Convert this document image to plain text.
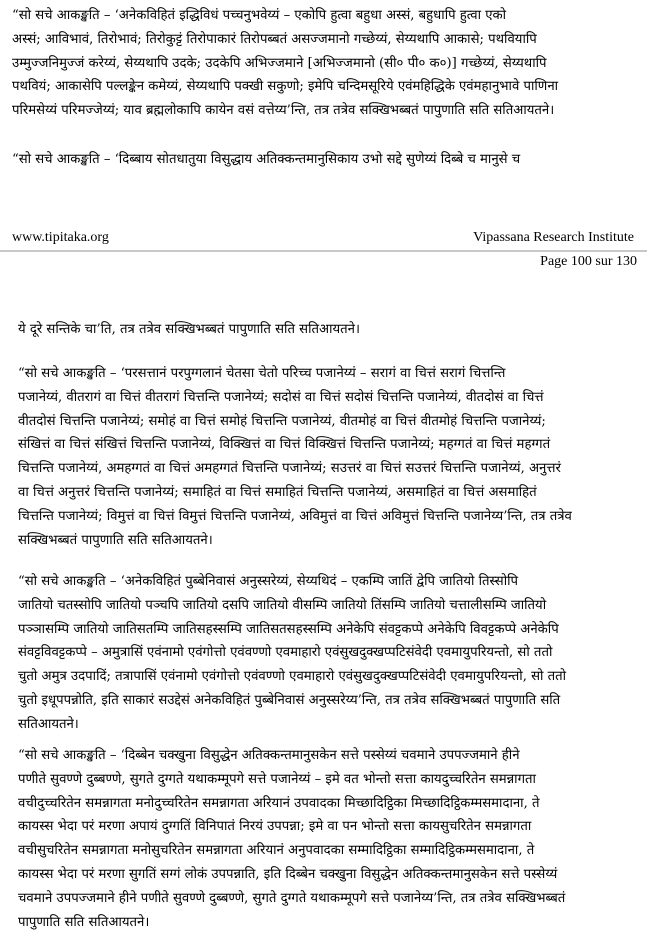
“सो सचे आकङ्खति – ‘अनेकविहितं इद्धिविधं पच्चनुभवेय्यं – एकोपि हुत्वा बहुधा अस्सं, बहुधापि हुत्वा एको
अस्सं; आविभावं, तिरोभावं; तिरोकुट्टं तिरोपाकारं तिरोपब्बतं असज्जमानो गच्छेय्यं, सेय्यथापि आकासे; पथवियापि
उम्मुज्जनिमुज्जं करेय्यं, सेय्यथापि उदके; उदकेपि अभिज्जमाने [अभिज्जमानो (सी० पी० क०)] गच्छेय्यं, सेय्यथापि
पथवियं; आकासेपि पल्लङ्केन कमेय्यं, सेय्यथापि पक्खी सकुणो; इमेपि चन्दिमसूरिये एवंमहिद्धिके एवंमहानुभावे पाणिना
परिमसेय्यं परिमज्जेय्यं; याव ब्रह्मलोकापि कायेन वसं वत्तेय्य’न्ति, तत्र तत्रेव सक्खिभब्बतं पापुणाति सति सतिआयतने।
“सो सचे आकङ्खति – ‘दिब्बाय सोतधातुया विसुद्धाय अतिक्कन्तमानुसिकाय उभो सद्दे सुणेय्यं दिब्बे च मानुसे च
www.tipitaka.org	Vipassana Research Institute
Page 100 sur 130
ये दूरे सन्तिके चा’ति, तत्र तत्रेव सक्खिभब्बतं पापुणाति सति सतिआयतने।
“सो सचे आकङ्खति – ‘परसत्तानं परपुग्गलानं चेतसा चेतो परिच्च पजानेय्यं – सरागं वा चित्तं सरागं चित्तन्ति
पजानेय्यं, वीतरागं वा चित्तं वीतरागं चित्तन्ति पजानेय्यं; सदोसं वा चित्तं सदोसं चित्तन्ति पजानेय्यं, वीतदोसं वा चित्तं
वीतदोसं चित्तन्ति पजानेय्यं; समोहं वा चित्तं समोहं चित्तन्ति पजानेय्यं, वीतमोहं वा चित्तं वीतमोहं चित्तन्ति पजानेय्यं;
संखित्तं वा चित्तं संखित्तं चित्तन्ति पजानेय्यं, विक्खित्तं वा चित्तं विक्खित्तं चित्तन्ति पजानेय्यं; महग्गतं वा चित्तं महग्गतं
चित्तन्ति पजानेय्यं, अमहग्गतं वा चित्तं अमहग्गतं चित्तन्ति पजानेय्यं; सउत्तरं वा चित्तं सउत्तरं चित्तन्ति पजानेय्यं, अनुत्तरं
वा चित्तं अनुत्तरं चित्तन्ति पजानेय्यं; समाहितं वा चित्तं समाहितं चित्तन्ति पजानेय्यं, असमाहितं वा चित्तं असमाहितं
चित्तन्ति पजानेय्यं; विमुत्तं वा चित्तं विमुत्तं चित्तन्ति पजानेय्यं, अविमुत्तं वा चित्तं अविमुत्तं चित्तन्ति पजानेय्य’न्ति, तत्र तत्रेव
सक्खिभब्बतं पापुणाति सति सतिआयतने।
“सो सचे आकङ्खति – ‘अनेकविहितं पुब्बेनिवासं अनुस्सरेय्यं, सेय्यथिदं – एकम्पि जातिं द्वेपि जातियो तिस्सोपि
जातियो चतस्सोपि जातियो पञ्चपि जातियो दसपि जातियो वीसम्पि जातियो तिंसम्पि जातियो चत्तालीसम्पि जातियो
पञ्ञासम्पि जातियो जातिसतम्पि जातिसहस्सम्पि जातिसतसहस्सम्पि अनेकेपि संवट्टकप्पे अनेकेपि विवट्टकप्पे अनेकेपि
संवट्टविवट्टकप्पे – अमुत्रासिं एवंनामो एवंगोत्तो एवंवण्णो एवमाहारो एवंसुखदुक्खप्पटिसंवेदी एवमायुपरियन्तो, सो ततो
चुतो अमुत्र उदपादिं; तत्रापासिं एवंनामो एवंगोत्तो एवंवण्णो एवमाहारो एवंसुखदुक्खप्पटिसंवेदी एवमायुपरियन्तो, सो ततो
चुतो इधूपपन्नोति, इति साकारं सउद्देसं अनेकविहितं पुब्बेनिवासं अनुस्सरेय्य’न्ति, तत्र तत्रेव सक्खिभब्बतं पापुणाति सति
सतिआयतने।
“सो सचे आकङ्खति – ‘दिब्बेन चक्खुना विसुद्धेन अतिक्कन्तमानुसकेन सत्ते पस्सेय्यं चवमाने उपपज्जमाने हीने
पणीते सुवण्णे दुब्बण्णे, सुगते दुग्गते यथाकम्मूपगे सत्ते पजानेय्यं – इमे वत भोन्तो सत्ता कायदुच्चरितेन समन्नागता
वचीदुच्चरितेन समन्नागता मनोदुच्चरितेन समन्नागता अरियानं उपवादका मिच्छादिट्ठिका मिच्छादिट्ठिकम्मसमादाना, ते
कायस्स भेदा परं मरणा अपायं दुग्गतिं विनिपातं निरयं उपपन्ना; इमे वा पन भोन्तो सत्ता कायसुचरितेन समन्नागता
वचीसुचरितेन समन्नागता मनोसुचरितेन समन्नागता अरियानं अनुपवादका सम्मादिट्ठिका सम्मादिट्ठिकम्मसमादाना, ते
कायस्स भेदा परं मरणा सुगतिं सग्गं लोकं उपपन्नाति, इति दिब्बेन चक्खुना विसुद्धेन अतिक्कन्तमानुसकेन सत्ते पस्सेय्यं
चवमाने उपपज्जमाने हीने पणीते सुवण्णे दुब्बण्णे, सुगते दुग्गते यथाकम्मूपगे सत्ते पजानेय्य’न्ति, तत्र तत्रेव सक्खिभब्बतं
पापुणाति सति सतिआयतने।
